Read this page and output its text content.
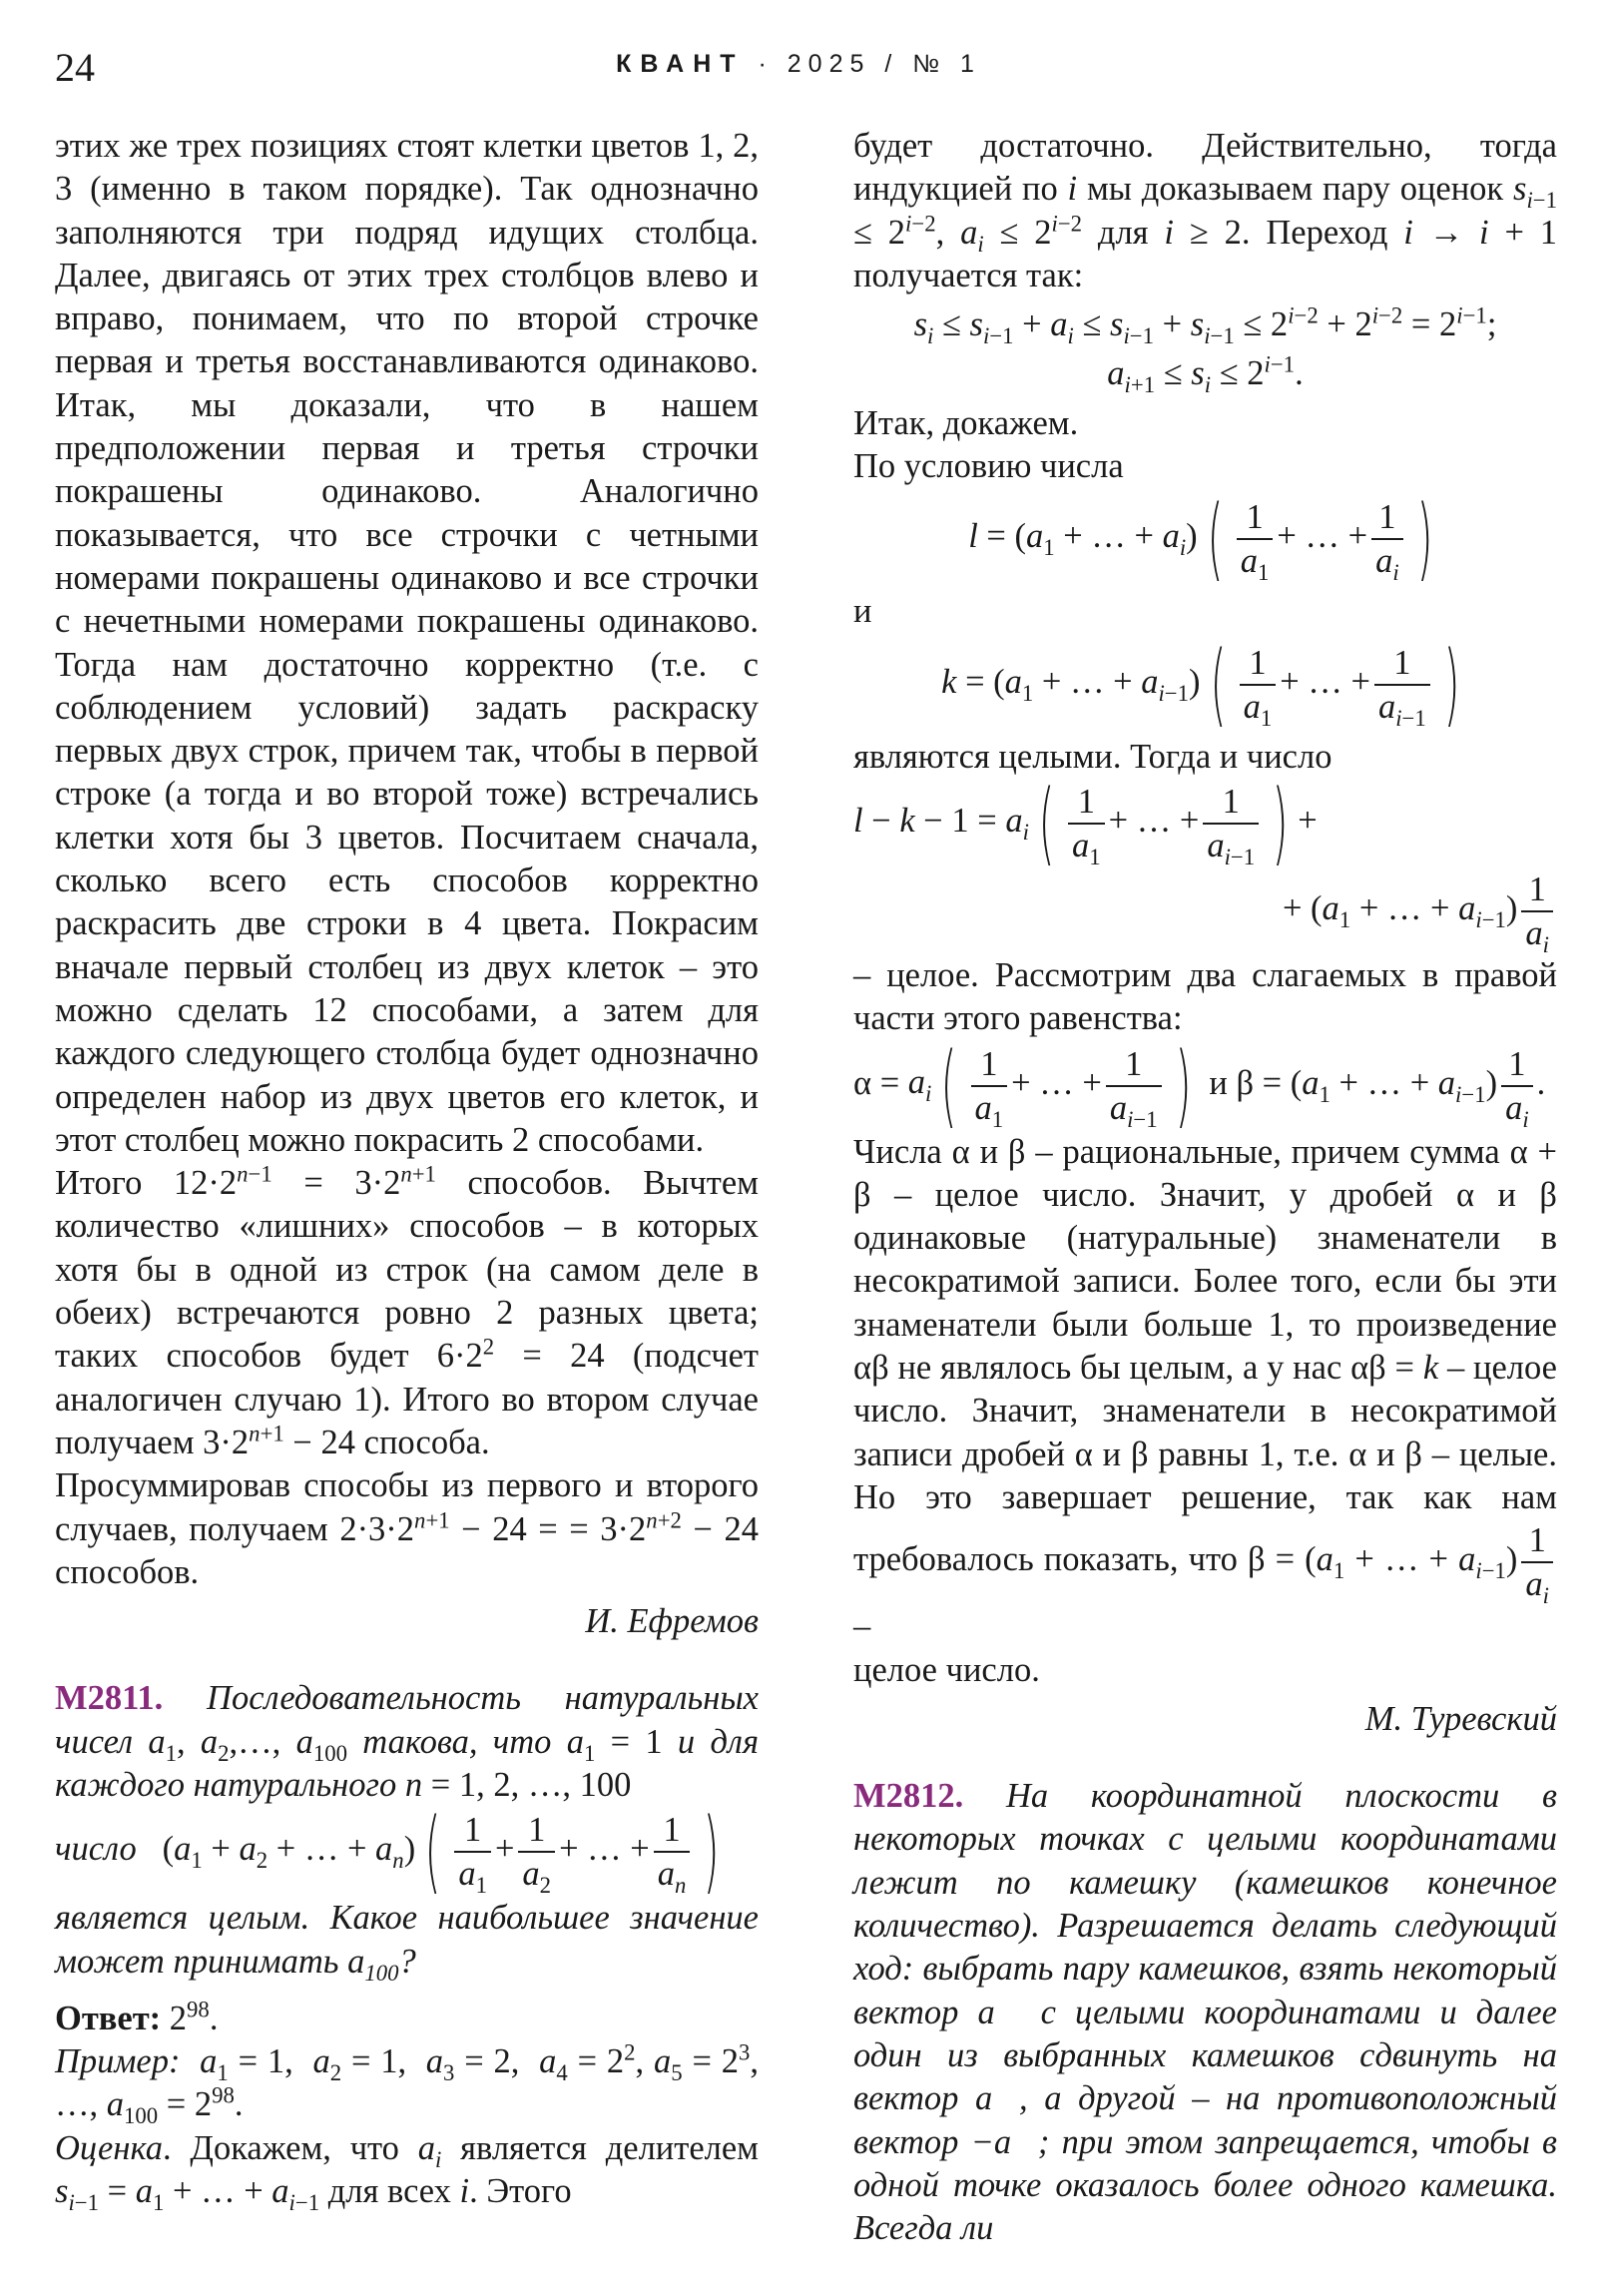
24	КВАНТ · 2025 / № 1

этих же трех позициях стоят клетки цветов 1, 2, 3 (именно в таком порядке). Так однозначно заполняются три подряд идущих столбца. Далее, двигаясь от этих трех столбцов влево и вправо, понимаем, что по второй строчке первая и третья восстанавливаются одинаково. Итак, мы доказали, что в нашем предположении первая и третья строчки покрашены одинаково. Аналогично показывается, что все строчки с четными номерами покрашены одинаково и все строчки с нечетными номерами покрашены одинаково. Тогда нам достаточно корректно (т.е. с соблюдением условий) задать раскраску первых двух строк, причем так, чтобы в первой строке (а тогда и во второй тоже) встречались клетки хотя бы 3 цветов. Посчитаем сначала, сколько всего есть способов корректно раскрасить две строки в 4 цвета. Покрасим вначале первый столбец из двух клеток – это можно сделать 12 способами, а затем для каждого следующего столбца будет однозначно определен набор из двух цветов его клеток, и этот столбец можно покрасить 2 способами.

Итого $12\cdot 2^{n-1} = 3\cdot 2^{n+1}$ способов. Вычтем количество «лишних» способов – в которых хотя бы в одной из строк (на самом деле в обеих) встречаются ровно 2 разных цвета; таких способов будет $6\cdot 2^2 = 24$ (подсчет аналогичен случаю 1). Итого во втором случае получаем $3\cdot 2^{n+1} - 24$ способа.

Просуммировав способы из первого и второго случаев, получаем $2\cdot 3\cdot 2^{n+1} - 24$ = = $3\cdot 2^{n+2} - 24$ способов.

И. Ефремов

М2811. Последовательность натуральных чисел $a_1$, $a_2,\dots$, $a_{100}$ такова, что $a_1 = 1$ и для каждого натурального n = 1, 2, …, 100

число   ($a_1 + a_2$ + … + $a_n$) ( $\frac{1}{a_1} + \frac{1}{a_2}$ + … + $\frac{1}{a_n}$ )

является целым. Какое наибольшее значение может принимать $a_{100}$?

Ответ: $2^{98}$.

Пример: $a_1 = 1$,  $a_2 = 1$,  $a_3 = 2$,  $a_4 = 2^2$, $a_5 = 2^3$, …, $a_{100} = 2^{98}$.

Оценка. Докажем, что $a_i$ является делителем $s_{i-1} = a_1$ + … + $a_{i-1}$ для всех i. Этого

будет достаточно. Действительно, тогда индукцией по i мы доказываем пару оценок $s_{i-1} \le 2^{i-2}$, $a_i \le 2^{i-2}$ для i ≥ 2. Переход i → i + 1 получается так:

$s_i \le s_{i-1} + a_i \le s_{i-1} + s_{i-1} \le 2^{i-2} + 2^{i-2} = 2^{i-1}$;
$a_{i+1} \le s_i \le 2^{i-1}$.

Итак, докажем.

По условию числа

$l = (a_1$ + … + $a_i$) ( $\frac{1}{a_1}$ + … + $\frac{1}{a_i}$ )

и

$k = (a_1$ + … + $a_{i-1}$) ( $\frac{1}{a_1}$ + … + $\frac{1}{a_{i-1}}$ )

являются целыми. Тогда и число

$l - k - 1 = a_i$ ( $\frac{1}{a_1}$ + … + $\frac{1}{a_{i-1}}$ ) +
+ ($a_1$ + … + $a_{i-1}) \frac{1}{a_i}$

– целое. Рассмотрим два слагаемых в правой части этого равенства:

$\alpha = a_i$ ( $\frac{1}{a_1}$ + … + $\frac{1}{a_{i-1}}$ ) и $\beta = (a_1$ + … + $a_{i-1}) \frac{1}{a_i}$ .

Числа α и β – рациональные, причем сумма α + β – целое число. Значит, у дробей α и β одинаковые (натуральные) знаменатели в несократимой записи. Более того, если бы эти знаменатели были больше 1, то произведение αβ не являлось бы целым, а у нас αβ = k – целое число. Значит, знаменатели в несократимой записи дробей α и β равны 1, т.е. α и β – целые. Но это завершает решение, так как нам требовалось показать, что $\beta = (a_1$ + … + $a_{i-1}) \frac{1}{a_i}$
–

целое число.

М. Туревский

М2812. На координатной плоскости в некоторых точках с целыми координатами лежит по камешку (камешков конечное количество). Разрешается делать следующий ход: выбрать пару камешков, взять некоторый вектор a⃗ с целыми координатами и далее один из выбранных камешков сдвинуть на вектор a⃗, а другой – на противоположный вектор −a⃗; при этом запрещается, чтобы в одной точке оказалось более одного камешка. Всегда ли
